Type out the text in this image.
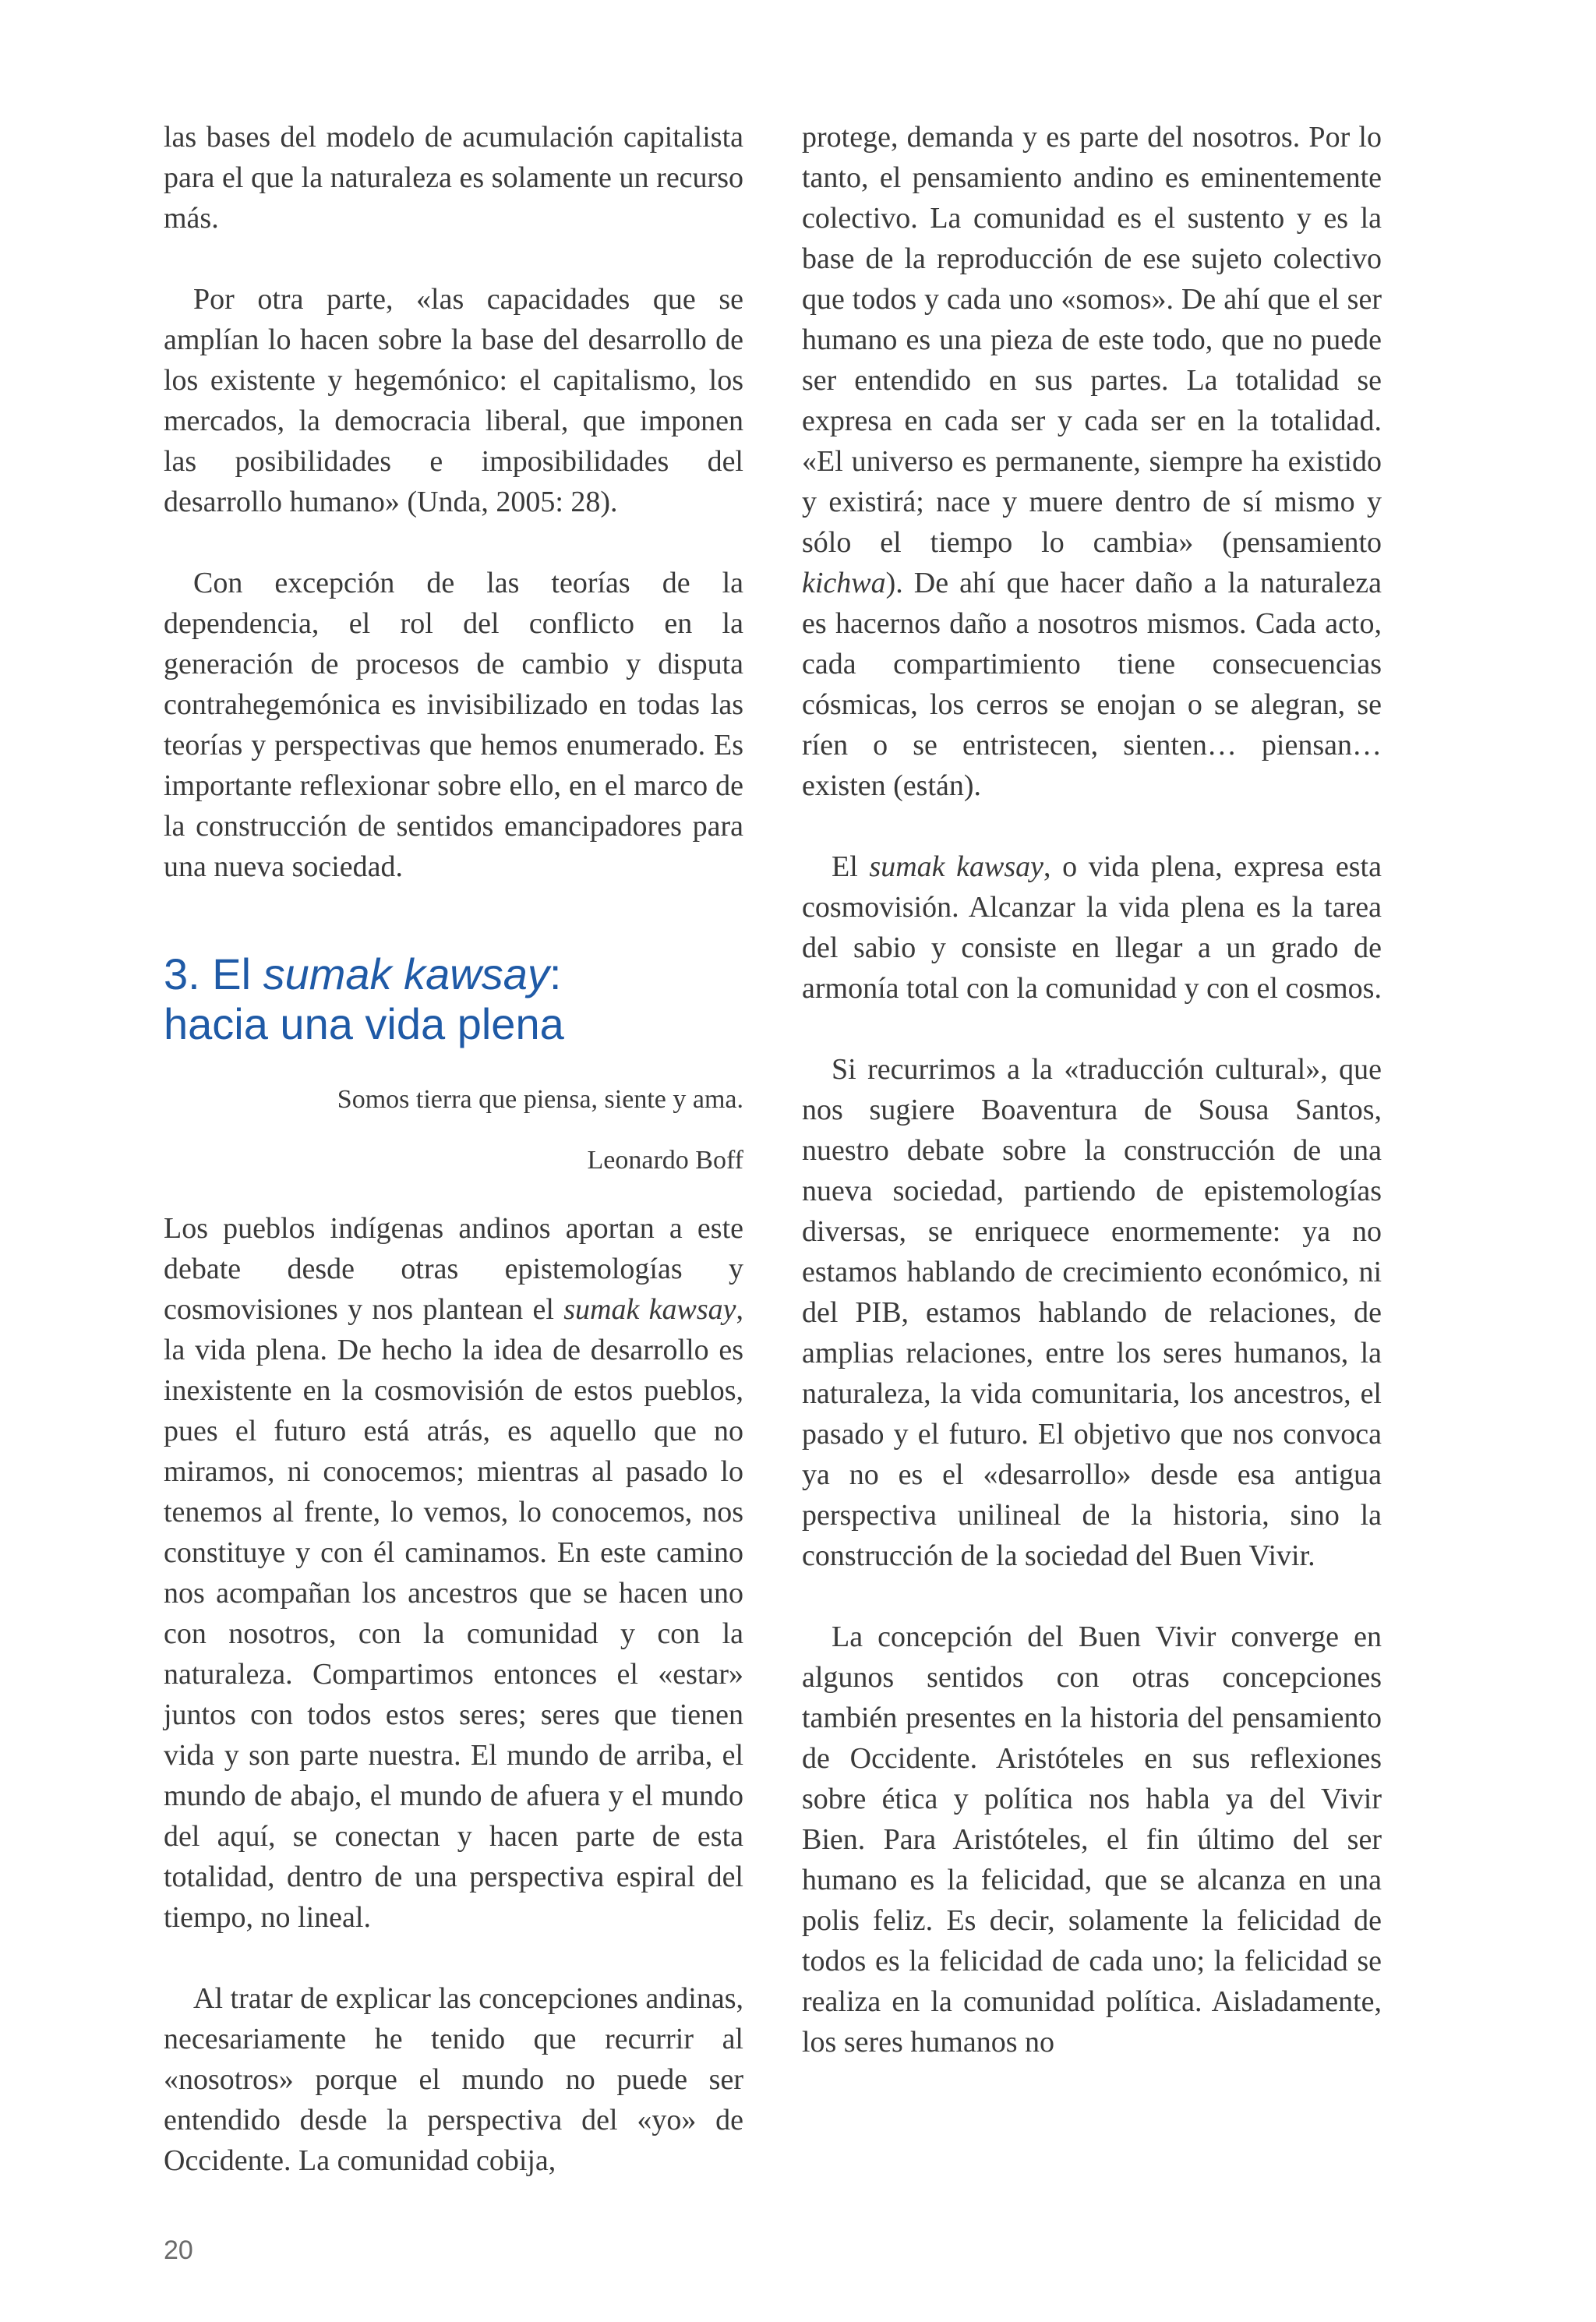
las bases del modelo de acumulación capitalista para el que la naturaleza es solamente un recurso más.

Por otra parte, «las capacidades que se amplían lo hacen sobre la base del desarrollo de los existente y hegemónico: el capitalismo, los mercados, la democracia liberal, que imponen las posibilidades e imposibilidades del desarrollo humano» (Unda, 2005: 28).

Con excepción de las teorías de la dependencia, el rol del conflicto en la generación de procesos de cambio y disputa contrahegemónica es invisibilizado en todas las teorías y perspectivas que hemos enumerado. Es importante reflexionar sobre ello, en el marco de la construcción de sentidos emancipadores para una nueva sociedad.

3. El sumak kawsay:
hacia una vida plena

Somos tierra que piensa, siente y ama.

Leonardo Boff

Los pueblos indígenas andinos aportan a este debate desde otras epistemologías y cosmovisiones y nos plantean el sumak kawsay, la vida plena. De hecho la idea de desarrollo es inexistente en la cosmovisión de estos pueblos, pues el futuro está atrás, es aquello que no miramos, ni conocemos; mientras al pasado lo tenemos al frente, lo vemos, lo conocemos, nos constituye y con él caminamos. En este camino nos acompañan los ancestros que se hacen uno con nosotros, con la comunidad y con la naturaleza. Compartimos entonces el «estar» juntos con todos estos seres; seres que tienen vida y son parte nuestra. El mundo de arriba, el mundo de abajo, el mundo de afuera y el mundo del aquí, se conectan y hacen parte de esta totalidad, dentro de una perspectiva espiral del tiempo, no lineal.

Al tratar de explicar las concepciones andinas, necesariamente he tenido que recurrir al «nosotros» porque el mundo no puede ser entendido desde la perspectiva del «yo» de Occidente. La comunidad cobija,

protege, demanda y es parte del nosotros. Por lo tanto, el pensamiento andino es eminentemente colectivo. La comunidad es el sustento y es la base de la reproducción de ese sujeto colectivo que todos y cada uno «somos». De ahí que el ser humano es una pieza de este todo, que no puede ser entendido en sus partes. La totalidad se expresa en cada ser y cada ser en la totalidad. «El universo es permanente, siempre ha existido y existirá; nace y muere dentro de sí mismo y sólo el tiempo lo cambia» (pensamiento kichwa). De ahí que hacer daño a la naturaleza es hacernos daño a nosotros mismos. Cada acto, cada compartimiento tiene consecuencias cósmicas, los cerros se enojan o se alegran, se ríen o se entristecen, sienten… piensan… existen (están).

El sumak kawsay, o vida plena, expresa esta cosmovisión. Alcanzar la vida plena es la tarea del sabio y consiste en llegar a un grado de armonía total con la comunidad y con el cosmos.

Si recurrimos a la «traducción cultural», que nos sugiere Boaventura de Sousa Santos, nuestro debate sobre la construcción de una nueva sociedad, partiendo de epistemologías diversas, se enriquece enormemente: ya no estamos hablando de crecimiento económico, ni del PIB, estamos hablando de relaciones, de amplias relaciones, entre los seres humanos, la naturaleza, la vida comunitaria, los ancestros, el pasado y el futuro. El objetivo que nos convoca ya no es el «desarrollo» desde esa antigua perspectiva unilineal de la historia, sino la construcción de la sociedad del Buen Vivir.

La concepción del Buen Vivir converge en algunos sentidos con otras concepciones también presentes en la historia del pensamiento de Occidente. Aristóteles en sus reflexiones sobre ética y política nos habla ya del Vivir Bien. Para Aristóteles, el fin último del ser humano es la felicidad, que se alcanza en una polis feliz. Es decir, solamente la felicidad de todos es la felicidad de cada uno; la felicidad se realiza en la comunidad política. Aisladamente, los seres humanos no

20
